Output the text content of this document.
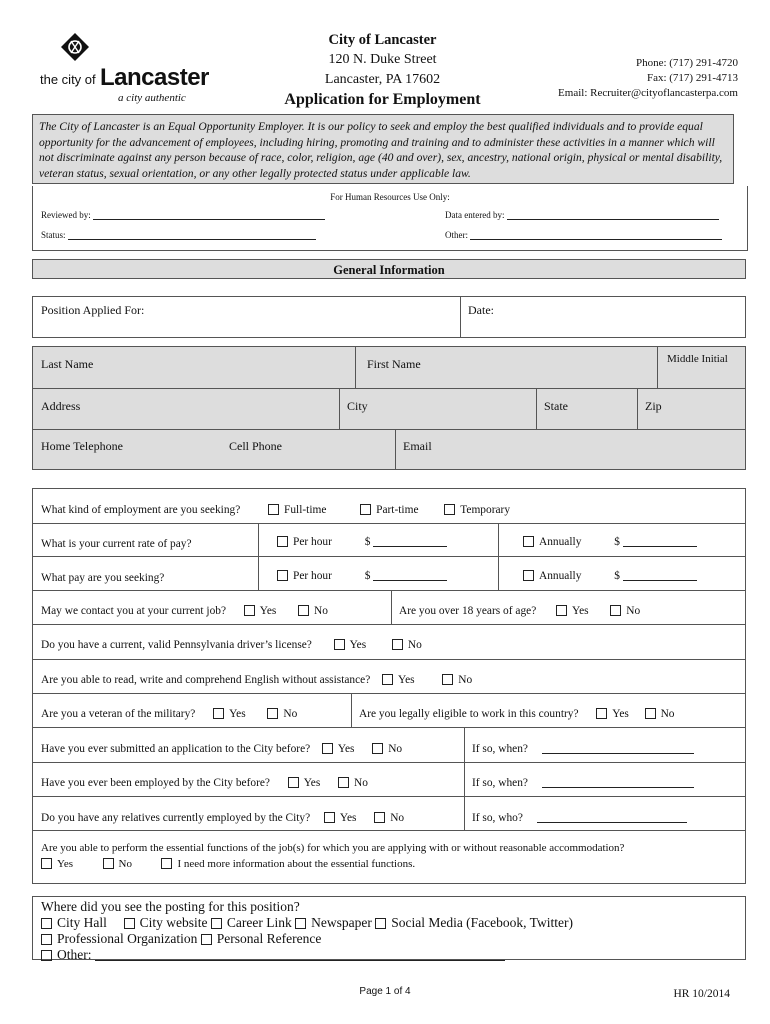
the city of Lancaster
a city authentic
City of Lancaster
120 N. Duke Street
Lancaster, PA 17602
Application for Employment
Phone: (717) 291-4720
Fax: (717) 291-4713
Email: Recruiter@cityoflancasterpa.com
The City of Lancaster is an Equal Opportunity Employer. It is our policy to seek and employ the best qualified individuals and to provide equal opportunity for the advancement of employees, including hiring, promoting and training and to administer these activities in a manner which will not discriminate against any person because of race, color, religion, age (40 and over), sex, ancestry, national origin, physical or mental disability, veteran status, sexual orientation, or any other legally protected status under applicable law.
For Human Resources Use Only:
Reviewed by:
Status:
Data entered by:
Other:
General Information
Position Applied For:	Date:
Last Name	First Name	Middle Initial
Address	City	State	Zip
Home Telephone	Cell Phone	Email
What kind of employment are you seeking?	Full-time	Part-time	Temporary
What is your current rate of pay?	Per hour	$	Annually	$
What pay are you seeking?	Per hour	$	Annually	$
May we contact you at your current job?	Yes	No	Are you over 18 years of age?	Yes	No
Do you have a current, valid Pennsylvania driver’s license?	Yes	No
Are you able to read, write and comprehend English without assistance? Yes	No
Are you a veteran of the military?	Yes	No	Are you legally eligible to work in this country?	Yes	No
Have you ever submitted an application to the City before? Yes	No	If so, when?
Have you ever been employed by the City before?	Yes	No	If so, when?
Do you have any relatives currently employed by the City?	Yes	No	If so, who?
Are you able to perform the essential functions of the job(s) for which you are applying with or without reasonable accommodation?
Yes	No	I need more information about the essential functions.
Where did you see the posting for this position?
City Hall City website Career Link Newspaper Social Media (Facebook, Twitter)
Professional Organization Personal Reference
Other:
Page 1 of 4	HR 10/2014
